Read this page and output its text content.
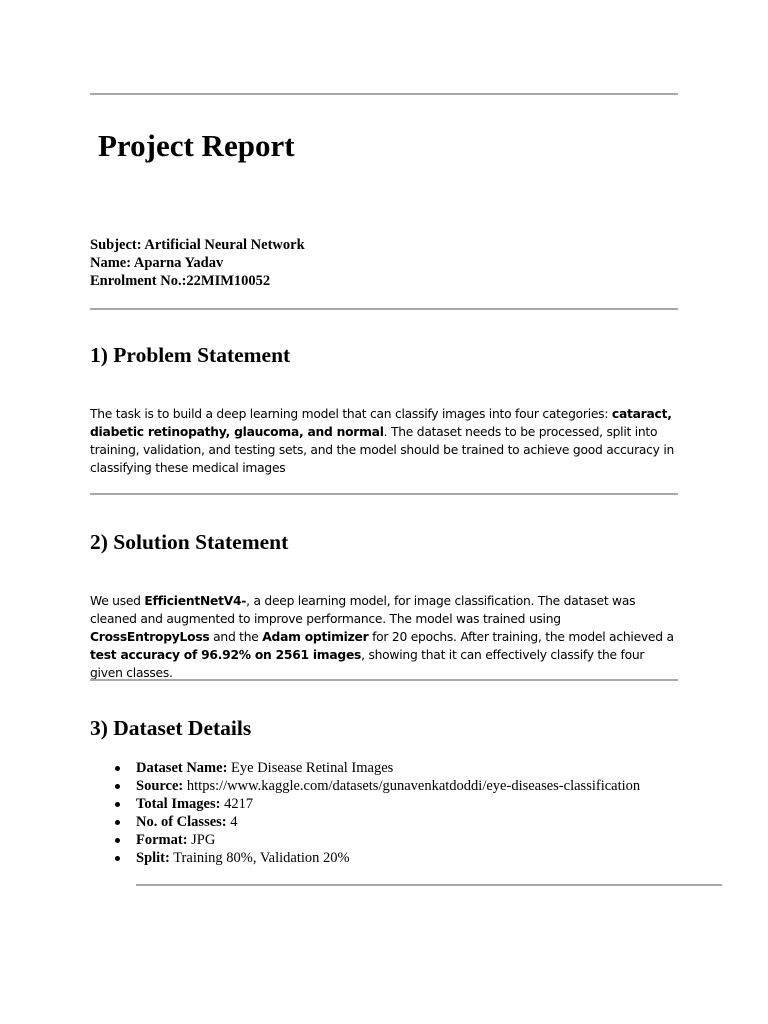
Project Report
Subject: Artificial Neural Network
Name: Aparna Yadav
Enrolment No.:22MIM10052
1) Problem Statement

The task is to build a deep learning model that can classify images into four categories: cataract, diabetic retinopathy, glaucoma, and normal. The dataset needs to be processed, split into training, validation, and testing sets, and the model should be trained to achieve good accuracy in classifying these medical images

2) Solution Statement

We used EfficientNetV4-, a deep learning model, for image classification. The dataset was cleaned and augmented to improve performance. The model was trained using CrossEntropyLoss and the Adam optimizer for 20 epochs. After training, the model achieved a test accuracy of 96.92% on 2561 images, showing that it can effectively classify the four given classes.

3) Dataset Details
Dataset Name: Eye Disease Retinal Images
Source: https://www.kaggle.com/datasets/gunavenkatdoddi/eye-diseases-classification
Total Images: 4217
No. of Classes: 4
Format: JPG
Split: Training 80%, Validation 20%
